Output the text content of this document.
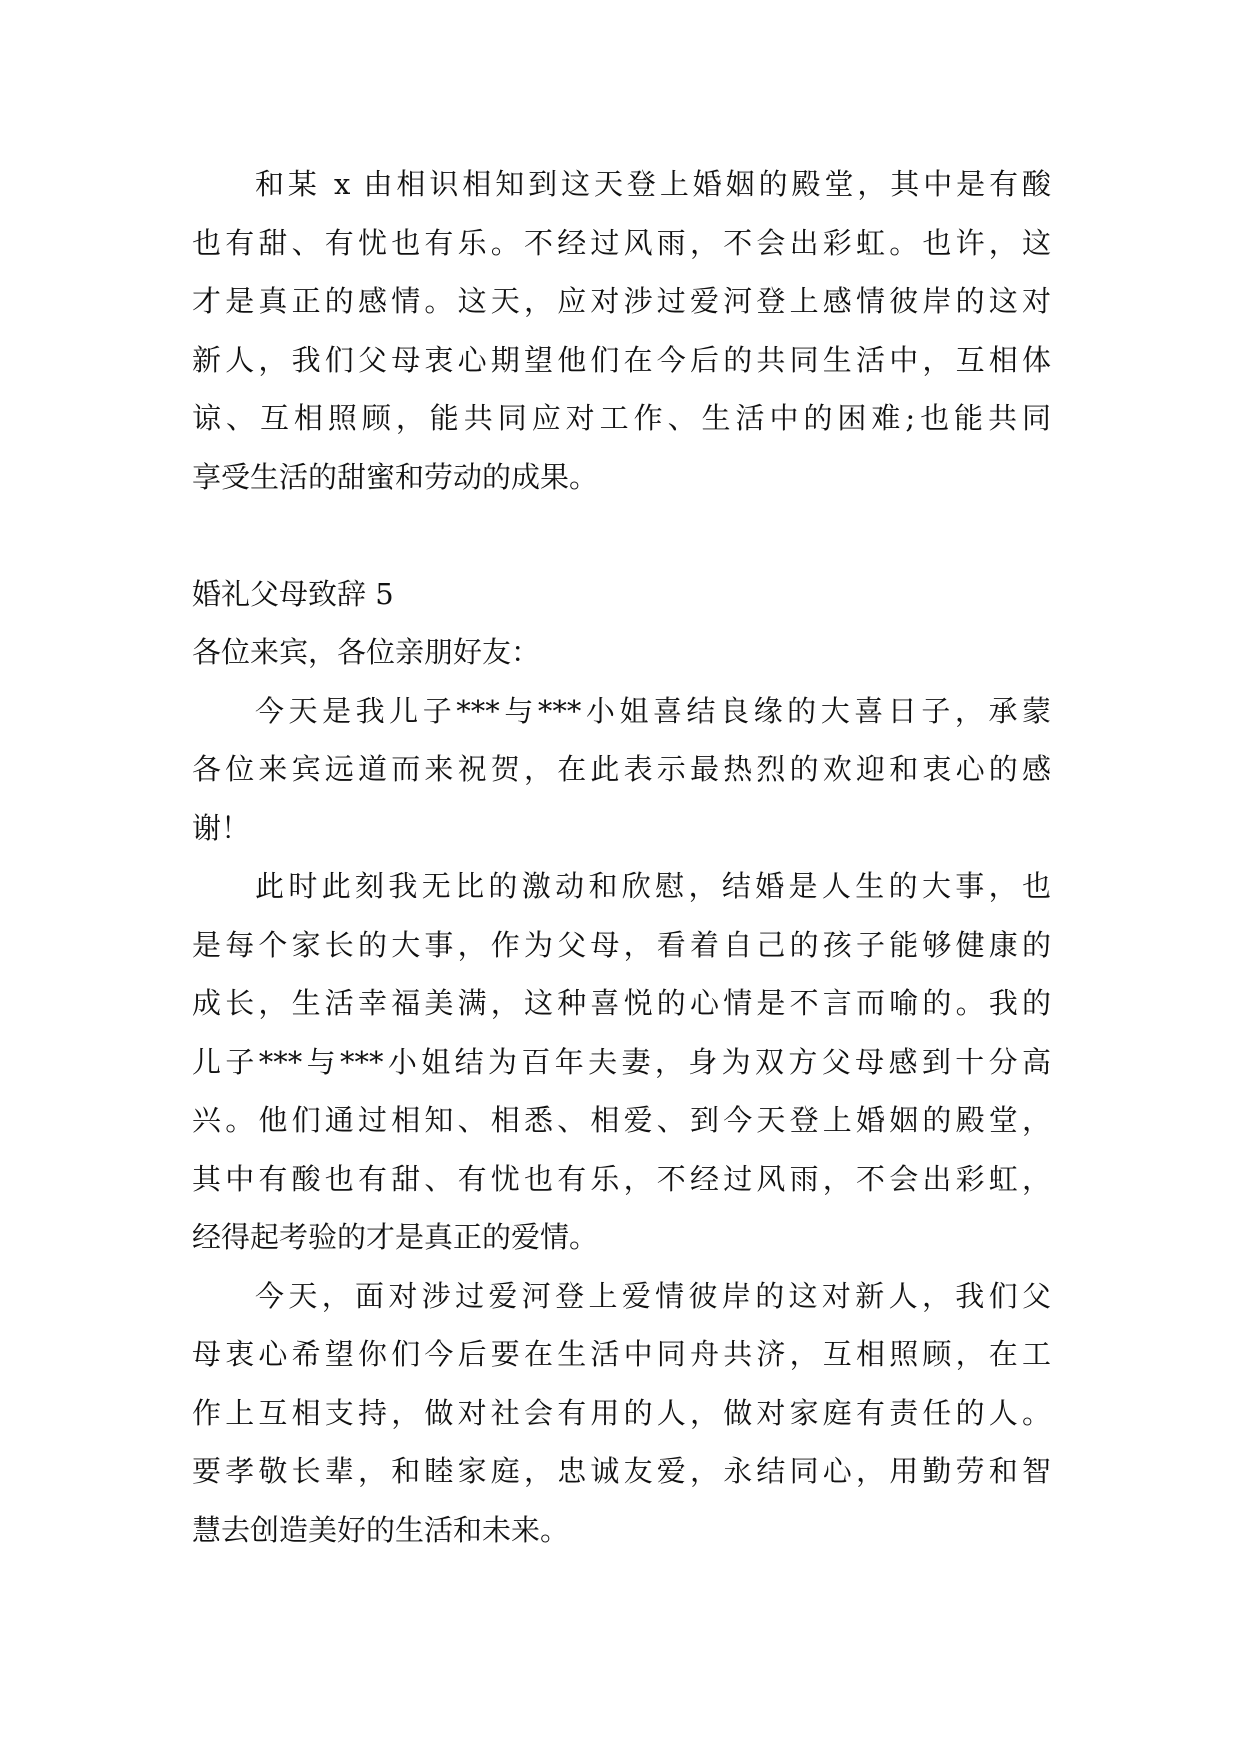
和某 x 由相识相知到这天登上婚姻的殿堂，其中是有酸
也有甜、有忧也有乐。不经过风雨，不会出彩虹。也许，这
才是真正的感情。这天，应对涉过爱河登上感情彼岸的这对
新人，我们父母衷心期望他们在今后的共同生活中，互相体
谅、互相照顾，能共同应对工作、生活中的困难;也能共同
享受生活的甜蜜和劳动的成果。
婚礼父母致辞 5
各位来宾，各位亲朋好友：
今天是我儿子***与***小姐喜结良缘的大喜日子，承蒙
各位来宾远道而来祝贺，在此表示最热烈的欢迎和衷心的感
谢！
此时此刻我无比的激动和欣慰，结婚是人生的大事，也
是每个家长的大事，作为父母，看着自己的孩子能够健康的
成长，生活幸福美满，这种喜悦的心情是不言而喻的。我的
儿子***与***小姐结为百年夫妻，身为双方父母感到十分高
兴。他们通过相知、相悉、相爱、到今天登上婚姻的殿堂，
其中有酸也有甜、有忧也有乐，不经过风雨，不会出彩虹，
经得起考验的才是真正的爱情。
今天，面对涉过爱河登上爱情彼岸的这对新人，我们父
母衷心希望你们今后要在生活中同舟共济，互相照顾，在工
作上互相支持，做对社会有用的人，做对家庭有责任的人。
要孝敬长辈，和睦家庭，忠诚友爱，永结同心，用勤劳和智
慧去创造美好的生活和未来。
